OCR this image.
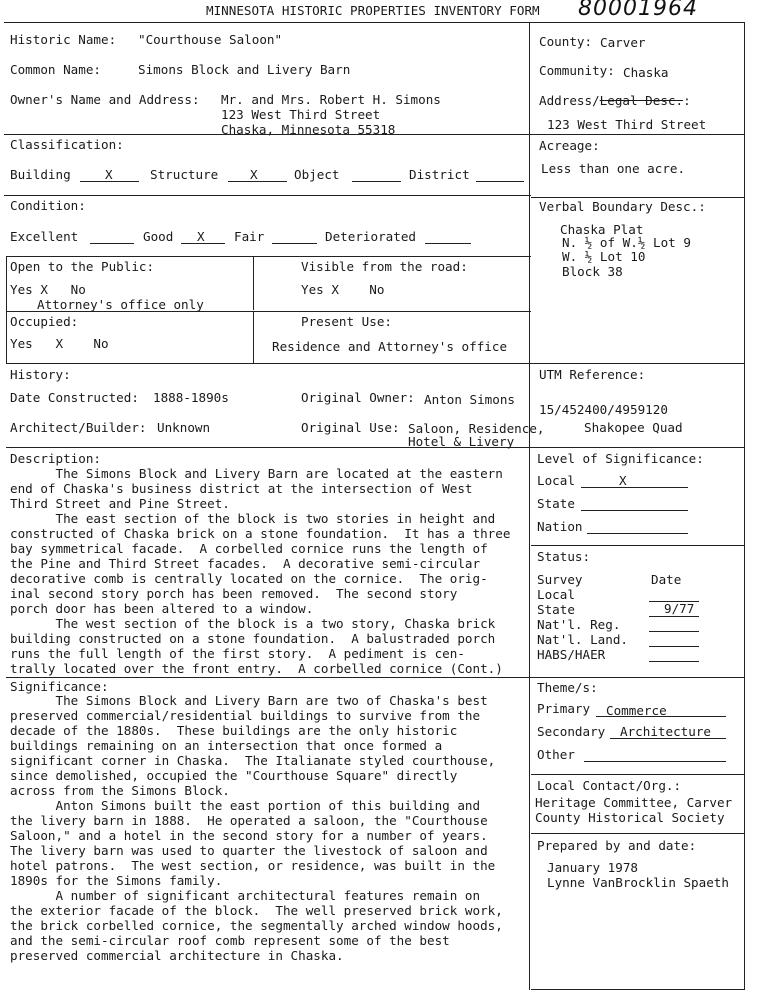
MINNESOTA HISTORIC PROPERTIES INVENTORY FORM 80001964
Historic Name: "Courthouse Saloon"
Common Name:	Simons Block and Livery Barn
Owner's Name and Address: Mr. and Mrs. Robert H. Simons
123 West Third Street
Chaska, Minnesota 55318
County: Carver
Community: Chaska
Address/Legal Desc.:
123 West Third Street
Classification:
Building	X	Structure	X	Object	District
Acreage:
Less than one acre.
Condition:
Excellent	Good X Fair	Deteriorated
Verbal Boundary Desc.:
Chaska Plat
N. ½ of W.½ Lot 9
W. ½ Lot 10
Block 38
Open to the Public:
Yes X   No
Attorney's office only
Visible from the road:
Yes X    No
Occupied:
Yes   X    No
Present Use:
Residence and Attorney's office
History:
Date Constructed: 1888-1890s	Original Owner: Anton Simons
Architect/Builder: Unknown	Original Use: Saloon, Residence,
Hotel & Livery
UTM Reference:
15/452400/4959120
Shakopee Quad
Description:
The Simons Block and Livery Barn are located at the eastern
end of Chaska's business district at the intersection of West
Third Street and Pine Street.
The east section of the block is two stories in height and
constructed of Chaska brick on a stone foundation.  It has a three
bay symmetrical facade.  A corbelled cornice runs the length of
the Pine and Third Street facades.  A decorative semi-circular
decorative comb is centrally located on the cornice.  The orig-
inal second story porch has been removed.  The second story
porch door has been altered to a window.
The west section of the block is a two story, Chaska brick
building constructed on a stone foundation.  A balustraded porch
runs the full length of the first story.  A pediment is cen-
trally located over the front entry.  A corbelled cornice (Cont.)
Level of Significance:
Local	X
State
Nation
Status:
Survey	Date
Local
State	9/77
Nat'l. Reg.
Nat'l. Land.
HABS/HAER
Significance:
The Simons Block and Livery Barn are two of Chaska's best
preserved commercial/residential buildings to survive from the
decade of the 1880s.  These buildings are the only historic
buildings remaining on an intersection that once formed a
significant corner in Chaska.  The Italianate styled courthouse,
since demolished, occupied the "Courthouse Square" directly
across from the Simons Block.
Anton Simons built the east portion of this building and
the livery barn in 1888.  He operated a saloon, the "Courthouse
Saloon," and a hotel in the second story for a number of years.
The livery barn was used to quarter the livestock of saloon and
hotel patrons.  The west section, or residence, was built in the
1890s for the Simons family.
A number of significant architectural features remain on
the exterior facade of the block.  The well preserved brick work,
the brick corbelled cornice, the segmentally arched window hoods,
and the semi-circular roof comb represent some of the best
preserved commercial architecture in Chaska.
Theme/s:
Primary Commerce
Secondary Architecture
Other
Local Contact/Org.:
Heritage Committee, Carver
County Historical Society
Prepared by and date:
January 1978
Lynne VanBrocklin Spaeth
